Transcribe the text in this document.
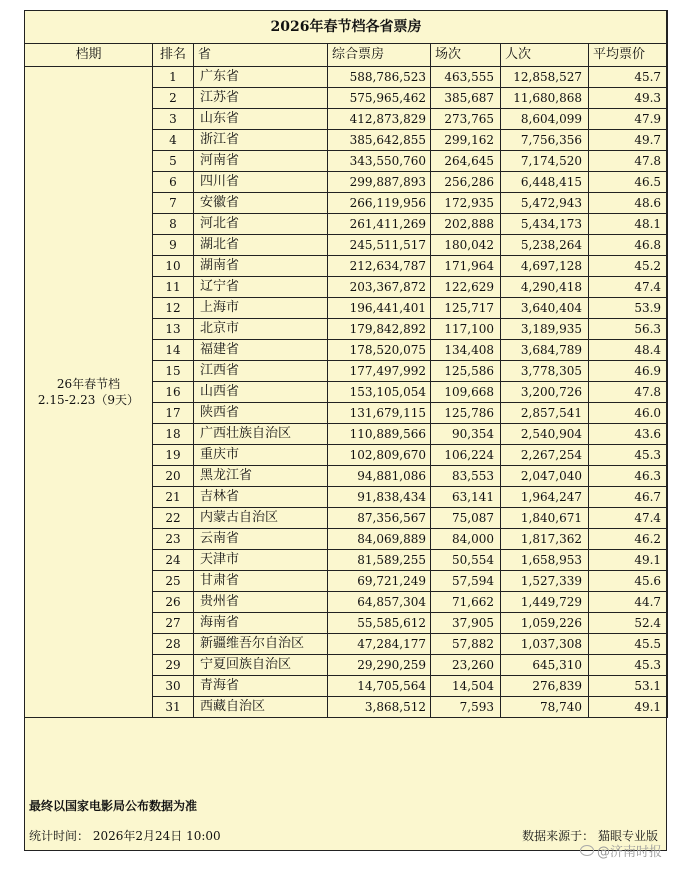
2026年春节档各省票房						
档期	排名	省	综合票房	场次	人次	平均票价

26年春节档
2.15-2.23（9天）	1	广东省	588,786,523	463,555	12,858,527	45.7
	2	江苏省	575,965,462	385,687	11,680,868	49.3
	3	山东省	412,873,829	273,765	8,604,099	47.9
	4	浙江省	385,642,855	299,162	7,756,356	49.7
	5	河南省	343,550,760	264,645	7,174,520	47.8
	6	四川省	299,887,893	256,286	6,448,415	46.5
	7	安徽省	266,119,956	172,935	5,472,943	48.6
	8	河北省	261,411,269	202,888	5,434,173	48.1
	9	湖北省	245,511,517	180,042	5,238,264	46.8
	10	湖南省	212,634,787	171,964	4,697,128	45.2
	11	辽宁省	203,367,872	122,629	4,290,418	47.4
	12	上海市	196,441,401	125,717	3,640,404	53.9
	13	北京市	179,842,892	117,100	3,189,935	56.3
	14	福建省	178,520,075	134,408	3,684,789	48.4
	15	江西省	177,497,992	125,586	3,778,305	46.9
	16	山西省	153,105,054	109,668	3,200,726	47.8
	17	陕西省	131,679,115	125,786	2,857,541	46.0
	18	广西壮族自治区	110,889,566	90,354	2,540,904	43.6
	19	重庆市	102,809,670	106,224	2,267,254	45.3
	20	黑龙江省	94,881,086	83,553	2,047,040	46.3
	21	吉林省	91,838,434	63,141	1,964,247	46.7
	22	内蒙古自治区	87,356,567	75,087	1,840,671	47.4
	23	云南省	84,069,889	84,000	1,817,362	46.2
	24	天津市	81,589,255	50,554	1,658,953	49.1
	25	甘肃省	69,721,249	57,594	1,527,339	45.6
	26	贵州省	64,857,304	71,662	1,449,729	44.7
	27	海南省	55,585,612	37,905	1,059,226	52.4
	28	新疆维吾尔自治区	47,284,177	57,882	1,037,308	45.5
	29	宁夏回族自治区	29,290,259	23,260	645,310	45.3
	30	青海省	14,705,564	14,504	276,839	53.1
	31	西藏自治区	3,868,512	7,593	78,740	49.1
最终以国家电影局公布数据为准
统计时间： 2026年2月24日 10:00	数据来源于： 猫眼专业版
@济南时报
